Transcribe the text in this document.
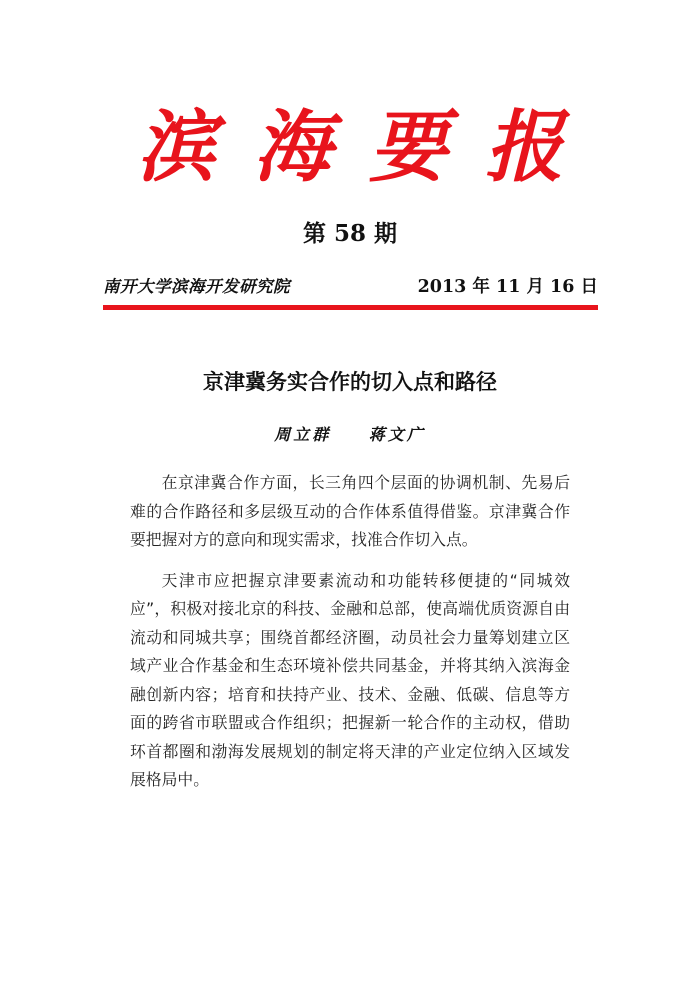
滨海要报
第 58 期
南开大学滨海开发研究院	2013 年 11 月 16 日
京津冀务实合作的切入点和路径
周立群 蒋文广

在京津冀合作方面，长三角四个层面的协调机制、先易后难的合作路径和多层级互动的合作体系值得借鉴。京津冀合作要把握对方的意向和现实需求，找准合作切入点。

天津市应把握京津要素流动和功能转移便捷的“同城效应”，积极对接北京的科技、金融和总部，使高端优质资源自由流动和同城共享；围绕首都经济圈，动员社会力量筹划建立区域产业合作基金和生态环境补偿共同基金，并将其纳入滨海金融创新内容；培育和扶持产业、技术、金融、低碳、信息等方面的跨省市联盟或合作组织；把握新一轮合作的主动权，借助环首都圈和渤海发展规划的制定将天津的产业定位纳入区域发展格局中。
